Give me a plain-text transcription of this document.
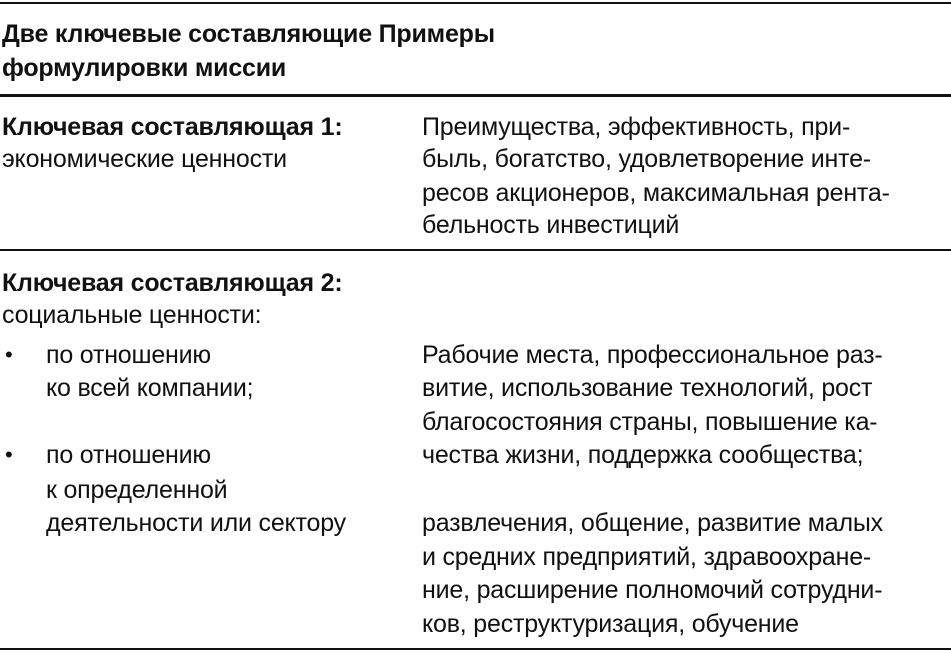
Две ключевые составляющие Примеры
формулировки миссии
Ключевая составляющая 1:
экономические ценности
Преимущества, эффективность, при-
быль, богатство, удовлетворение инте-
ресов акционеров, максимальная рента-
бельность инвестиций
Ключевая составляющая 2:
социальные ценности:
• по отношению
ко всей компании;
• по отношению
к определенной
деятельности или сектору
Рабочие места, профессиональное раз-
витие, использование технологий, рост
благосостояния страны, повышение ка-
чества жизни, поддержка сообщества;
развлечения, общение, развитие малых
и средних предприятий, здравоохране-
ние, расширение полномочий сотрудни-
ков, реструктуризация, обучение
